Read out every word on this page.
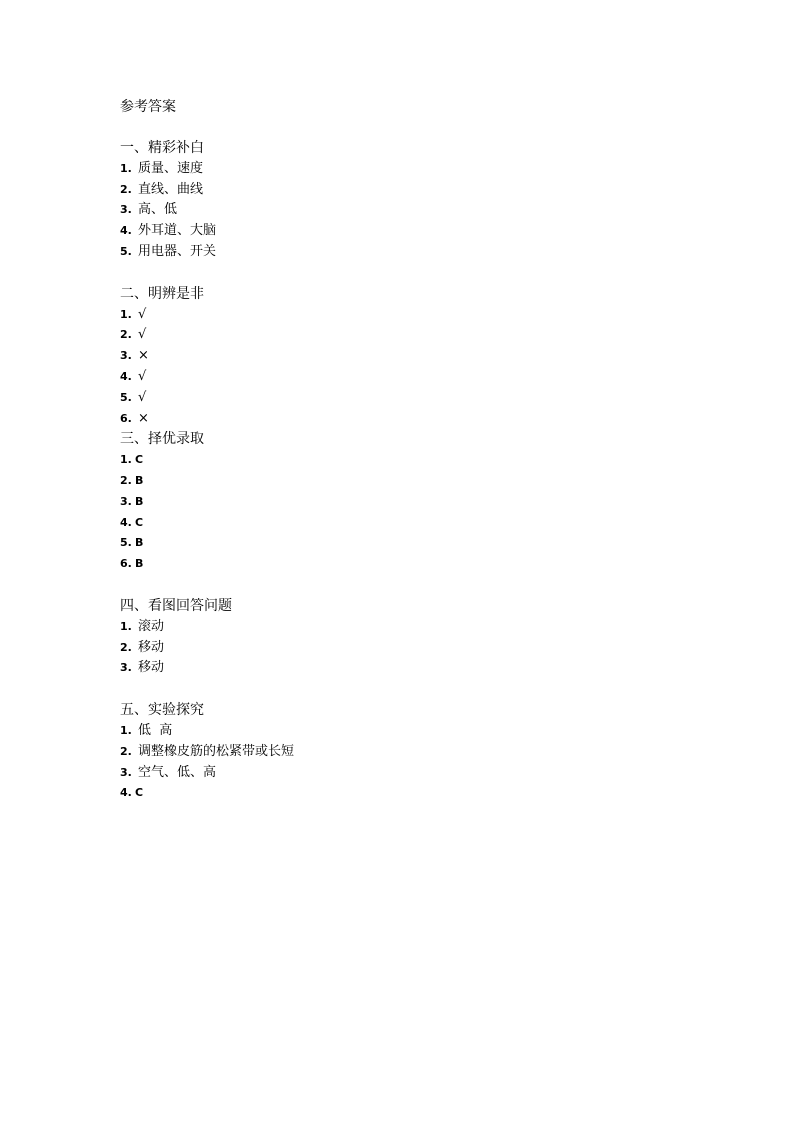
参考答案

一、精彩补白

1. 质量、速度

2. 直线、曲线

3. 高、低

4. 外耳道、大脑

5. 用电器、开关

二、明辨是非

1. √

2. √

3. ×

4. √

5. √

6. ×

三、择优录取

1. C

2. B

3. B

4. C

5. B

6. B

四、看图回答问题

1. 滚动

2. 移动

3. 移动

五、实验探究

1. 低  高

2. 调整橡皮筋的松紧带或长短

3. 空气、低、高

4. C
